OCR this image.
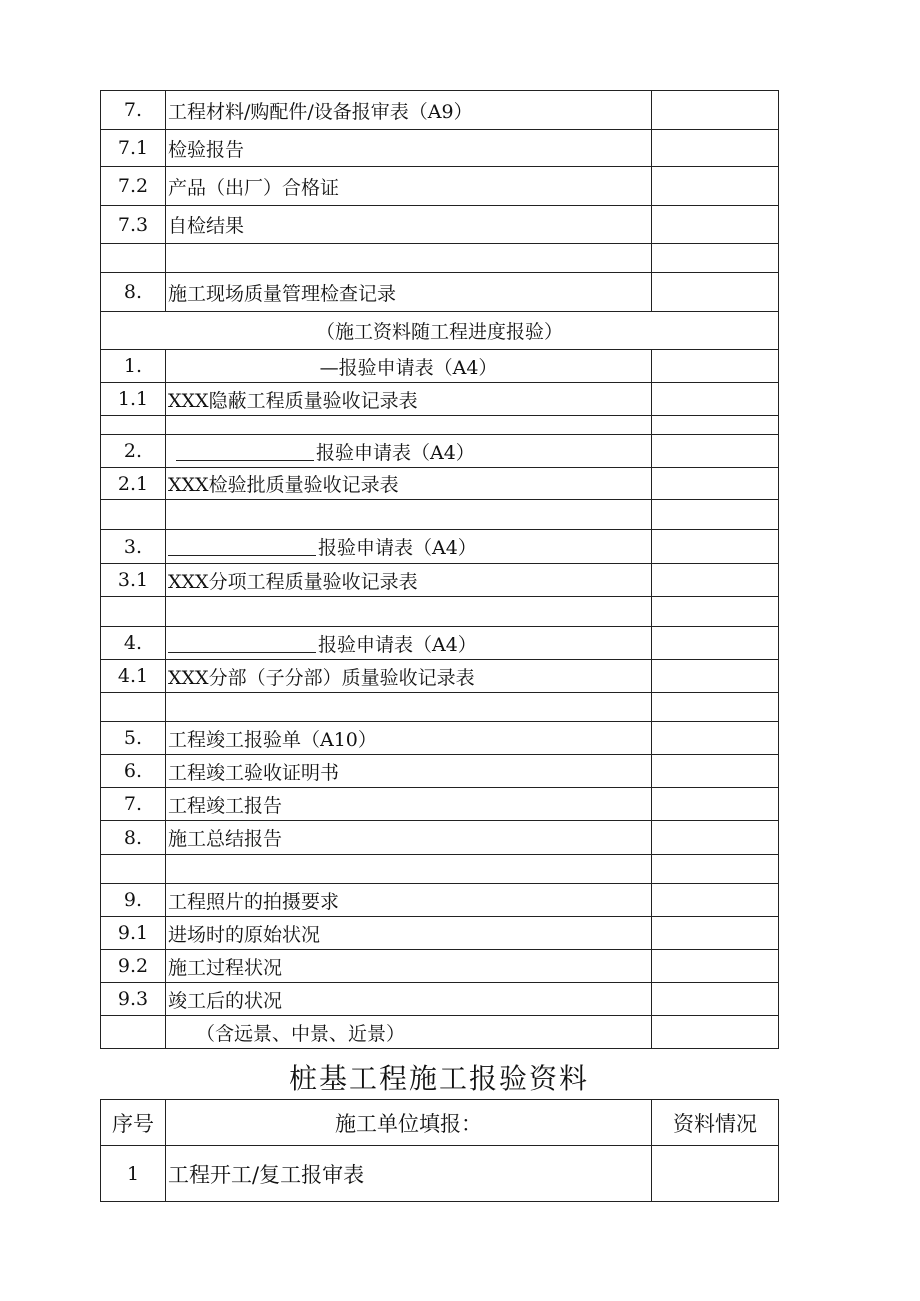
7.	工程材料/购配件/设备报审表（A9）	
7.1	检验报告	
7.2	产品（出厂）合格证	
7.3	自检结果	

8.	施工现场质量管理检查记录	
（施工资料随工程进度报验）		
1.	—报验申请表（A4）	
1.1	XXX隐蔽工程质量验收记录表	

2.	报验申请表（A4）	
2.1	XXX检验批质量验收记录表	

3.	报验申请表（A4）	
3.1	XXX分项工程质量验收记录表	

4.	报验申请表（A4）	
4.1	XXX分部（子分部）质量验收记录表	

5.	工程竣工报验单（A10）	
6.	工程竣工验收证明书	
7.	工程竣工报告	
8.	施工总结报告	

9.	工程照片的拍摄要求	
9.1	进场时的原始状况	
9.2	施工过程状况	
9.3	竣工后的状况	
	（含远景、中景、近景）	
桩基工程施工报验资料
序号	施工单位填报：	资料情况
1	工程开工/复工报审表	
